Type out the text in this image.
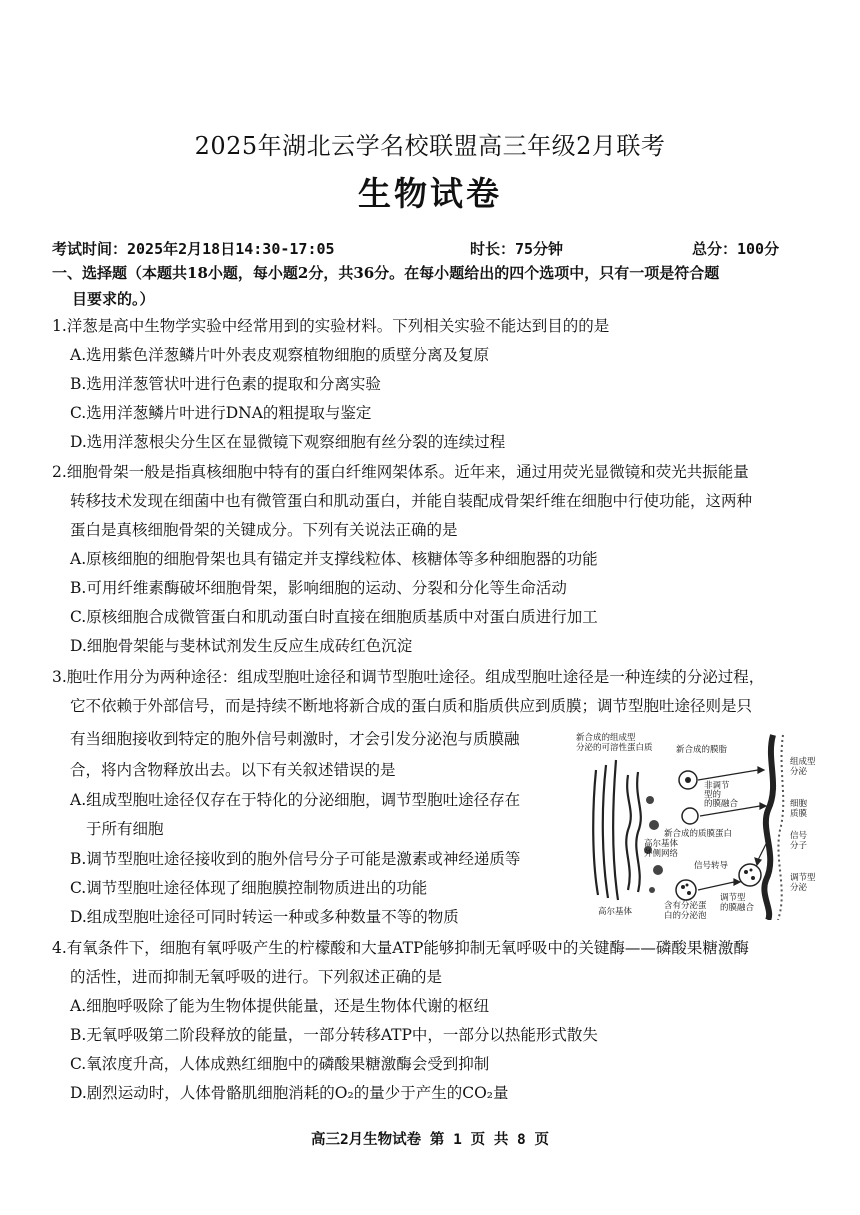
2025年湖北云学名校联盟高三年级2月联考
生物试卷
考试时间：2025年2月18日14:30-17:05	时长：75分钟	总分：100分
一、选择题（本题共18小题，每小题2分，共36分。在每小题给出的四个选项中，只有一项是符合题
目要求的。）
1.洋葱是高中生物学实验中经常用到的实验材料。下列相关实验不能达到目的的是
A.选用紫色洋葱鳞片叶外表皮观察植物细胞的质壁分离及复原
B.选用洋葱管状叶进行色素的提取和分离实验
C.选用洋葱鳞片叶进行DNA的粗提取与鉴定
D.选用洋葱根尖分生区在显微镜下观察细胞有丝分裂的连续过程
2.细胞骨架一般是指真核细胞中特有的蛋白纤维网架体系。近年来，通过用荧光显微镜和荧光共振能量
转移技术发现在细菌中也有微管蛋白和肌动蛋白，并能自装配成骨架纤维在细胞中行使功能，这两种
蛋白是真核细胞骨架的关键成分。下列有关说法正确的是
A.原核细胞的细胞骨架也具有锚定并支撑线粒体、核糖体等多种细胞器的功能
B.可用纤维素酶破坏细胞骨架，影响细胞的运动、分裂和分化等生命活动
C.原核细胞合成微管蛋白和肌动蛋白时直接在细胞质基质中对蛋白质进行加工
D.细胞骨架能与斐林试剂发生反应生成砖红色沉淀
3.胞吐作用分为两种途径：组成型胞吐途径和调节型胞吐途径。组成型胞吐途径是一种连续的分泌过程，
它不依赖于外部信号，而是持续不断地将新合成的蛋白质和脂质供应到质膜；调节型胞吐途径则是只
有当细胞接收到特定的胞外信号刺激时，才会引发分泌泡与质膜融
合，将内含物释放出去。以下有关叙述错误的是
A.组成型胞吐途径仅存在于特化的分泌细胞，调节型胞吐途径存在
于所有细胞
B.调节型胞吐途径接收到的胞外信号分子可能是激素或神经递质等
C.调节型胞吐途径体现了细胞膜控制物质进出的功能
D.组成型胞吐途径可同时转运一种或多种数量不等的物质
新合成的组成型
分泌的可溶性蛋白质	新合成的膜脂
非调节
型的
的膜融合
新合成的质膜蛋白
高尔基体
外侧网络
信号转导
高尔基体
含有分泌蛋
白的分泌泡
调节型
的膜融合
组成型
分泌
细胞
质膜
信号
分子
调节型
分泌
4.有氧条件下，细胞有氧呼吸产生的柠檬酸和大量ATP能够抑制无氧呼吸中的关键酶——磷酸果糖激酶
的活性，进而抑制无氧呼吸的进行。下列叙述正确的是
A.细胞呼吸除了能为生物体提供能量，还是生物体代谢的枢纽
B.无氧呼吸第二阶段释放的能量，一部分转移ATP中，一部分以热能形式散失
C.氧浓度升高，人体成熟红细胞中的磷酸果糖激酶会受到抑制
D.剧烈运动时，人体骨骼肌细胞消耗的O₂的量少于产生的CO₂量
高三2月生物试卷 第 1 页 共 8 页
